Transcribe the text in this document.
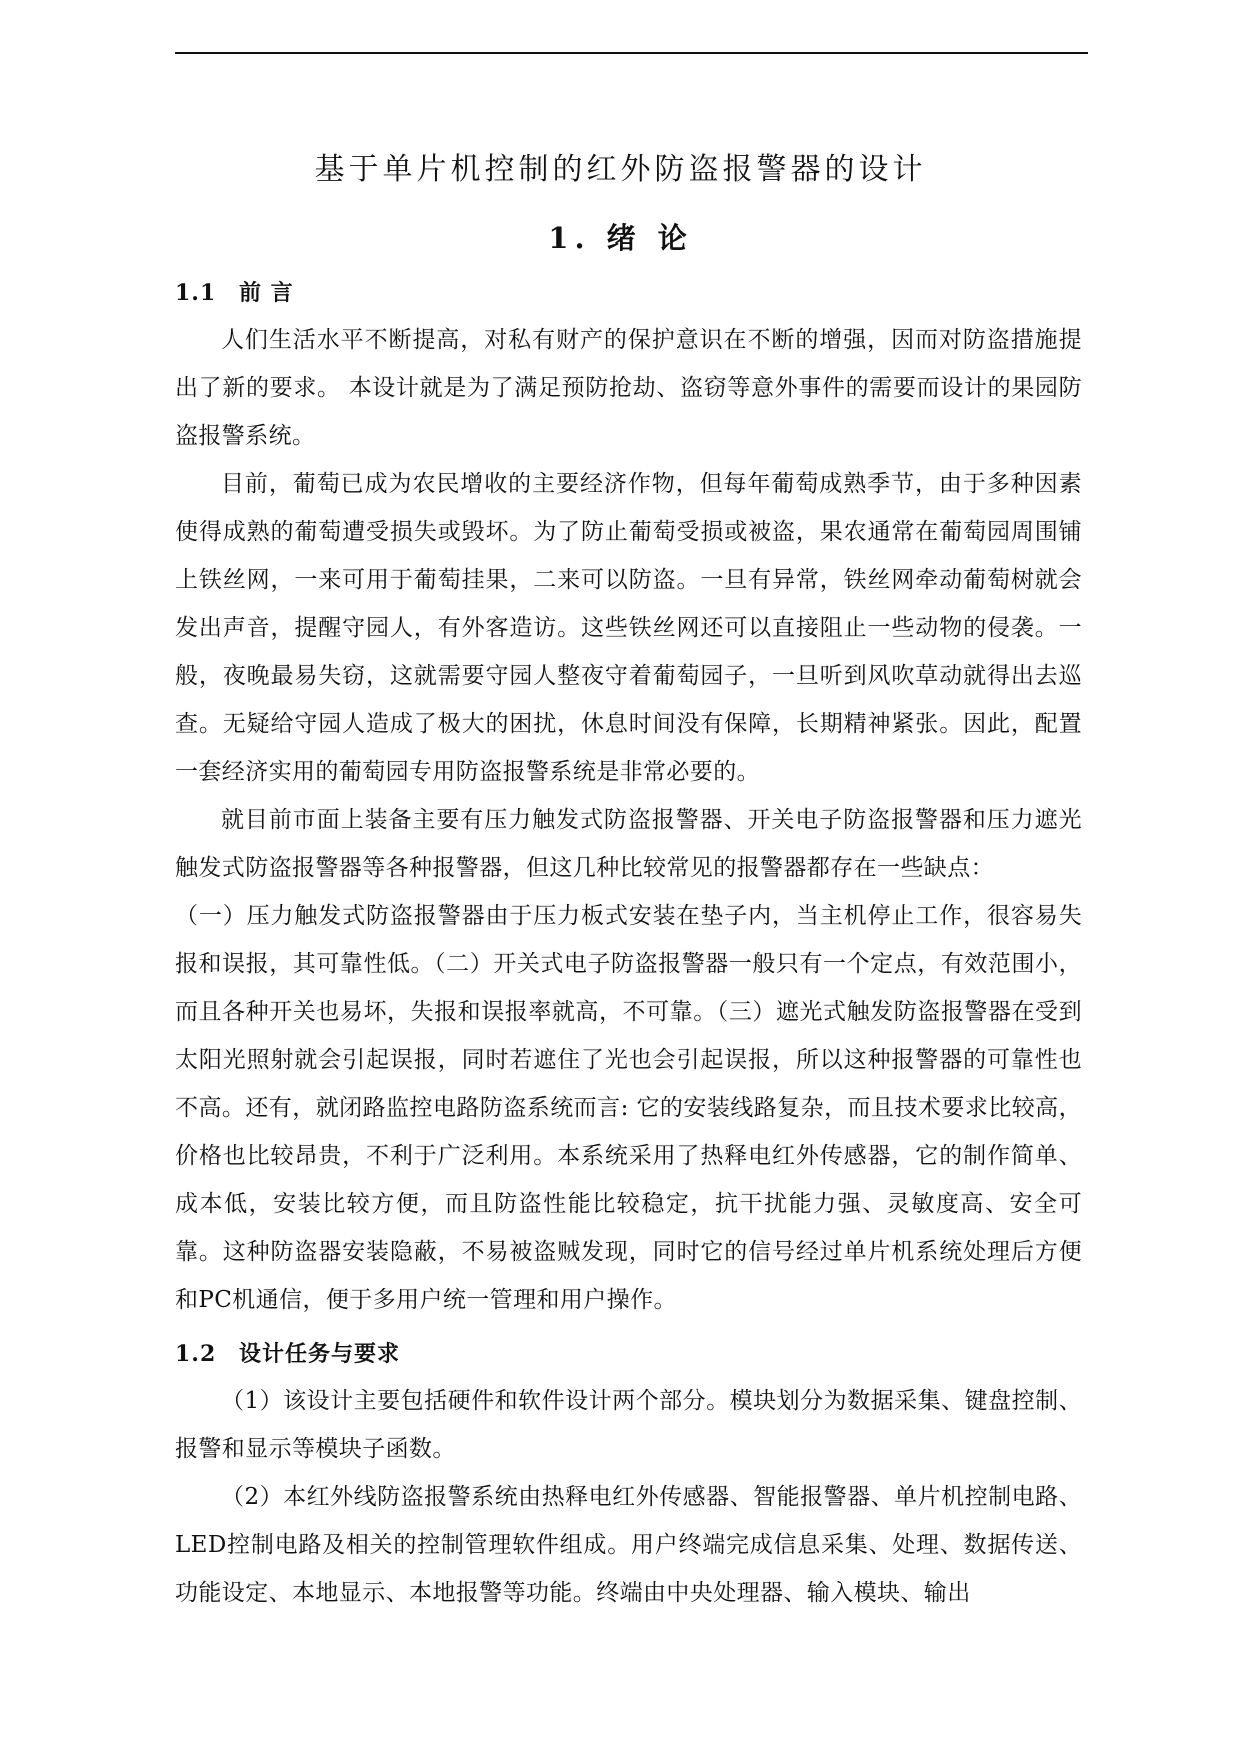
基于单片机控制的红外防盗报警器的设计
1. 绪 论
1.1 前 言

人们生活水平不断提高，对私有财产的保护意识在不断的增强，因而对防盗措施提出了新的要求。 本设计就是为了满足预防抢劫、盗窃等意外事件的需要而设计的果园防盗报警系统。

目前，葡萄已成为农民增收的主要经济作物，但每年葡萄成熟季节，由于多种因素使得成熟的葡萄遭受损失或毁坏。为了防止葡萄受损或被盗，果农通常在葡萄园周围铺上铁丝网，一来可用于葡萄挂果，二来可以防盗。一旦有异常，铁丝网牵动葡萄树就会发出声音，提醒守园人，有外客造访。这些铁丝网还可以直接阻止一些动物的侵袭。一般，夜晚最易失窃，这就需要守园人整夜守着葡萄园子，一旦听到风吹草动就得出去巡查。无疑给守园人造成了极大的困扰，休息时间没有保障，长期精神紧张。因此，配置一套经济实用的葡萄园专用防盗报警系统是非常必要的。

就目前市面上装备主要有压力触发式防盗报警器、开关电子防盗报警器和压力遮光触发式防盗报警器等各种报警器，但这几种比较常见的报警器都存在一些缺点：

（一）压力触发式防盗报警器由于压力板式安装在垫子内，当主机停止工作，很容易失报和误报，其可靠性低。（二）开关式电子防盗报警器一般只有一个定点，有效范围小，而且各种开关也易坏，失报和误报率就高，不可靠。（三）遮光式触发防盗报警器在受到太阳光照射就会引起误报，同时若遮住了光也会引起误报，所以这种报警器的可靠性也不高。还有，就闭路监控电路防盗系统而言: 它的安装线路复杂，而且技术要求比较高，价格也比较昂贵，不利于广泛利用。本系统采用了热释电红外传感器，它的制作简单、成本低，安装比较方便，而且防盗性能比较稳定，抗干扰能力强、灵敏度高、安全可靠。这种防盗器安装隐蔽，不易被盗贼发现，同时它的信号经过单片机系统处理后方便和PC机通信，便于多用户统一管理和用户操作。

1.2 设计任务与要求

（1）该设计主要包括硬件和软件设计两个部分。模块划分为数据采集、键盘控制、报警和显示等模块子函数。

（2）本红外线防盗报警系统由热释电红外传感器、智能报警器、单片机控制电路、LED控制电路及相关的控制管理软件组成。用户终端完成信息采集、处理、数据传送、功能设定、本地显示、本地报警等功能。终端由中央处理器、输入模块、输出
